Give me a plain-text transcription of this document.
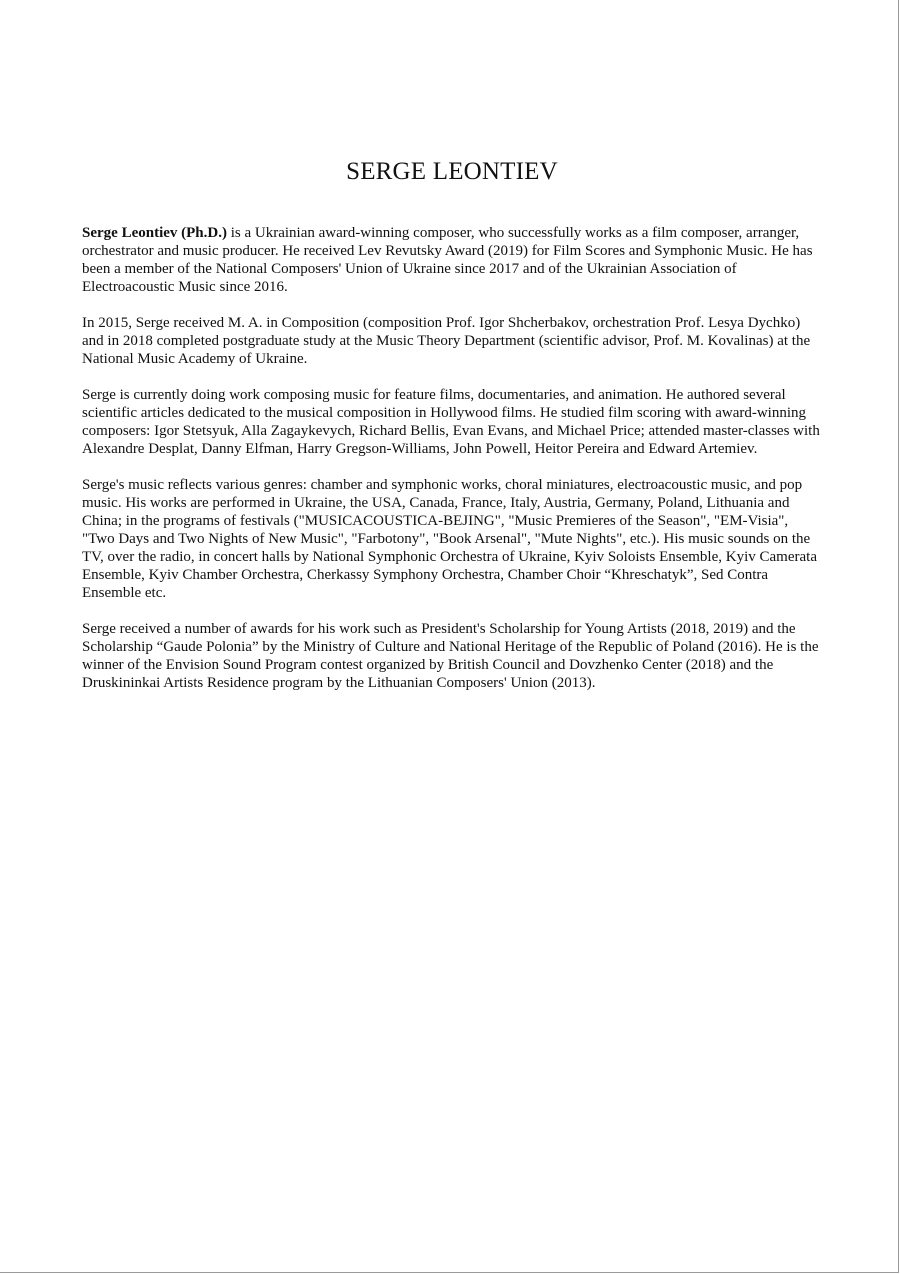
SERGE LEONTIEV

Serge Leontiev (Ph.D.) is a Ukrainian award-winning composer, who successfully works as a film composer, arranger, orchestrator and music producer. He received Lev Revutsky Award (2019) for Film Scores and Symphonic Music. He has been a member of the National Composers' Union of Ukraine since 2017 and of the Ukrainian Association of Electroacoustic Music since 2016.

In 2015, Serge received M. A. in Composition (composition Prof. Igor Shcherbakov, orchestration Prof. Lesya Dychko) and in 2018 completed postgraduate study at the Music Theory Department (scientific advisor, Prof. M. Kovalinas) at the National Music Academy of Ukraine.

Serge is currently doing work composing music for feature films, documentaries, and animation. He authored several scientific articles dedicated to the musical composition in Hollywood films. He studied film scoring with award-winning composers: Igor Stetsyuk, Alla Zagaykevych, Richard Bellis, Evan Evans, and Michael Price; attended master-classes with Alexandre Desplat, Danny Elfman, Harry Gregson-Williams, John Powell, Heitor Pereira and Edward Artemiev.

Serge's music reflects various genres: chamber and symphonic works, choral miniatures, electroacoustic music, and pop music. His works are performed in Ukraine, the USA, Canada, France, Italy, Austria, Germany, Poland, Lithuania and China; in the programs of festivals ("MUSICACOUSTICA-BEJING", "Music Premieres of the Season", "EM-Visia", "Two Days and Two Nights of New Music", "Farbotony", "Book Arsenal", "Mute Nights", etc.). His music sounds on the TV, over the radio, in concert halls by National Symphonic Orchestra of Ukraine, Kyiv Soloists Ensemble, Kyiv Camerata Ensemble, Kyiv Chamber Orchestra, Cherkassy Symphony Orchestra, Chamber Choir “Khreschatyk”, Sed Contra Ensemble etc.

Serge received a number of awards for his work such as President's Scholarship for Young Artists (2018, 2019) and the Scholarship “Gaude Polonia” by the Ministry of Culture and National Heritage of the Republic of Poland (2016). He is the winner of the Envision Sound Program contest organized by British Council and Dovzhenko Center (2018) and the Druskininkai Artists Residence program by the Lithuanian Composers' Union (2013).
